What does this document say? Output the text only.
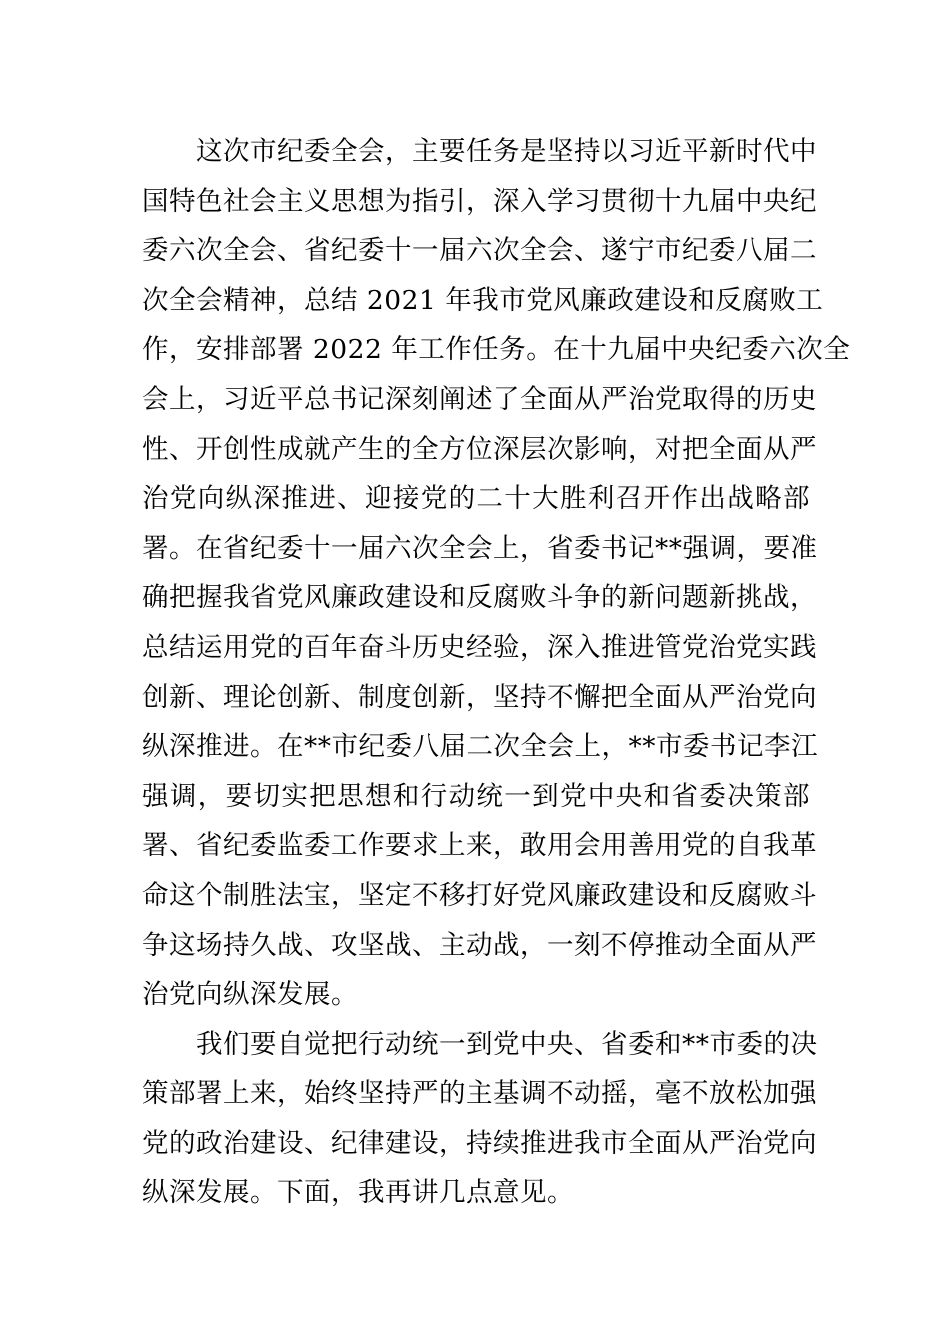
这次市纪委全会，主要任务是坚持以习近平新时代中
国特色社会主义思想为指引，深入学习贯彻十九届中央纪
委六次全会、省纪委十一届六次全会、遂宁市纪委八届二
次全会精神，总结 2021 年我市党风廉政建设和反腐败工
作，安排部署 2022 年工作任务。在十九届中央纪委六次全
会上，习近平总书记深刻阐述了全面从严治党取得的历史
性、开创性成就产生的全方位深层次影响，对把全面从严
治党向纵深推进、迎接党的二十大胜利召开作出战略部
署。在省纪委十一届六次全会上，省委书记**强调，要准
确把握我省党风廉政建设和反腐败斗争的新问题新挑战，
总结运用党的百年奋斗历史经验，深入推进管党治党实践
创新、理论创新、制度创新，坚持不懈把全面从严治党向
纵深推进。在**市纪委八届二次全会上，**市委书记李江
强调，要切实把思想和行动统一到党中央和省委决策部
署、省纪委监委工作要求上来，敢用会用善用党的自我革
命这个制胜法宝，坚定不移打好党风廉政建设和反腐败斗
争这场持久战、攻坚战、主动战，一刻不停推动全面从严
治党向纵深发展。
我们要自觉把行动统一到党中央、省委和**市委的决
策部署上来，始终坚持严的主基调不动摇，毫不放松加强
党的政治建设、纪律建设，持续推进我市全面从严治党向
纵深发展。下面，我再讲几点意见。
